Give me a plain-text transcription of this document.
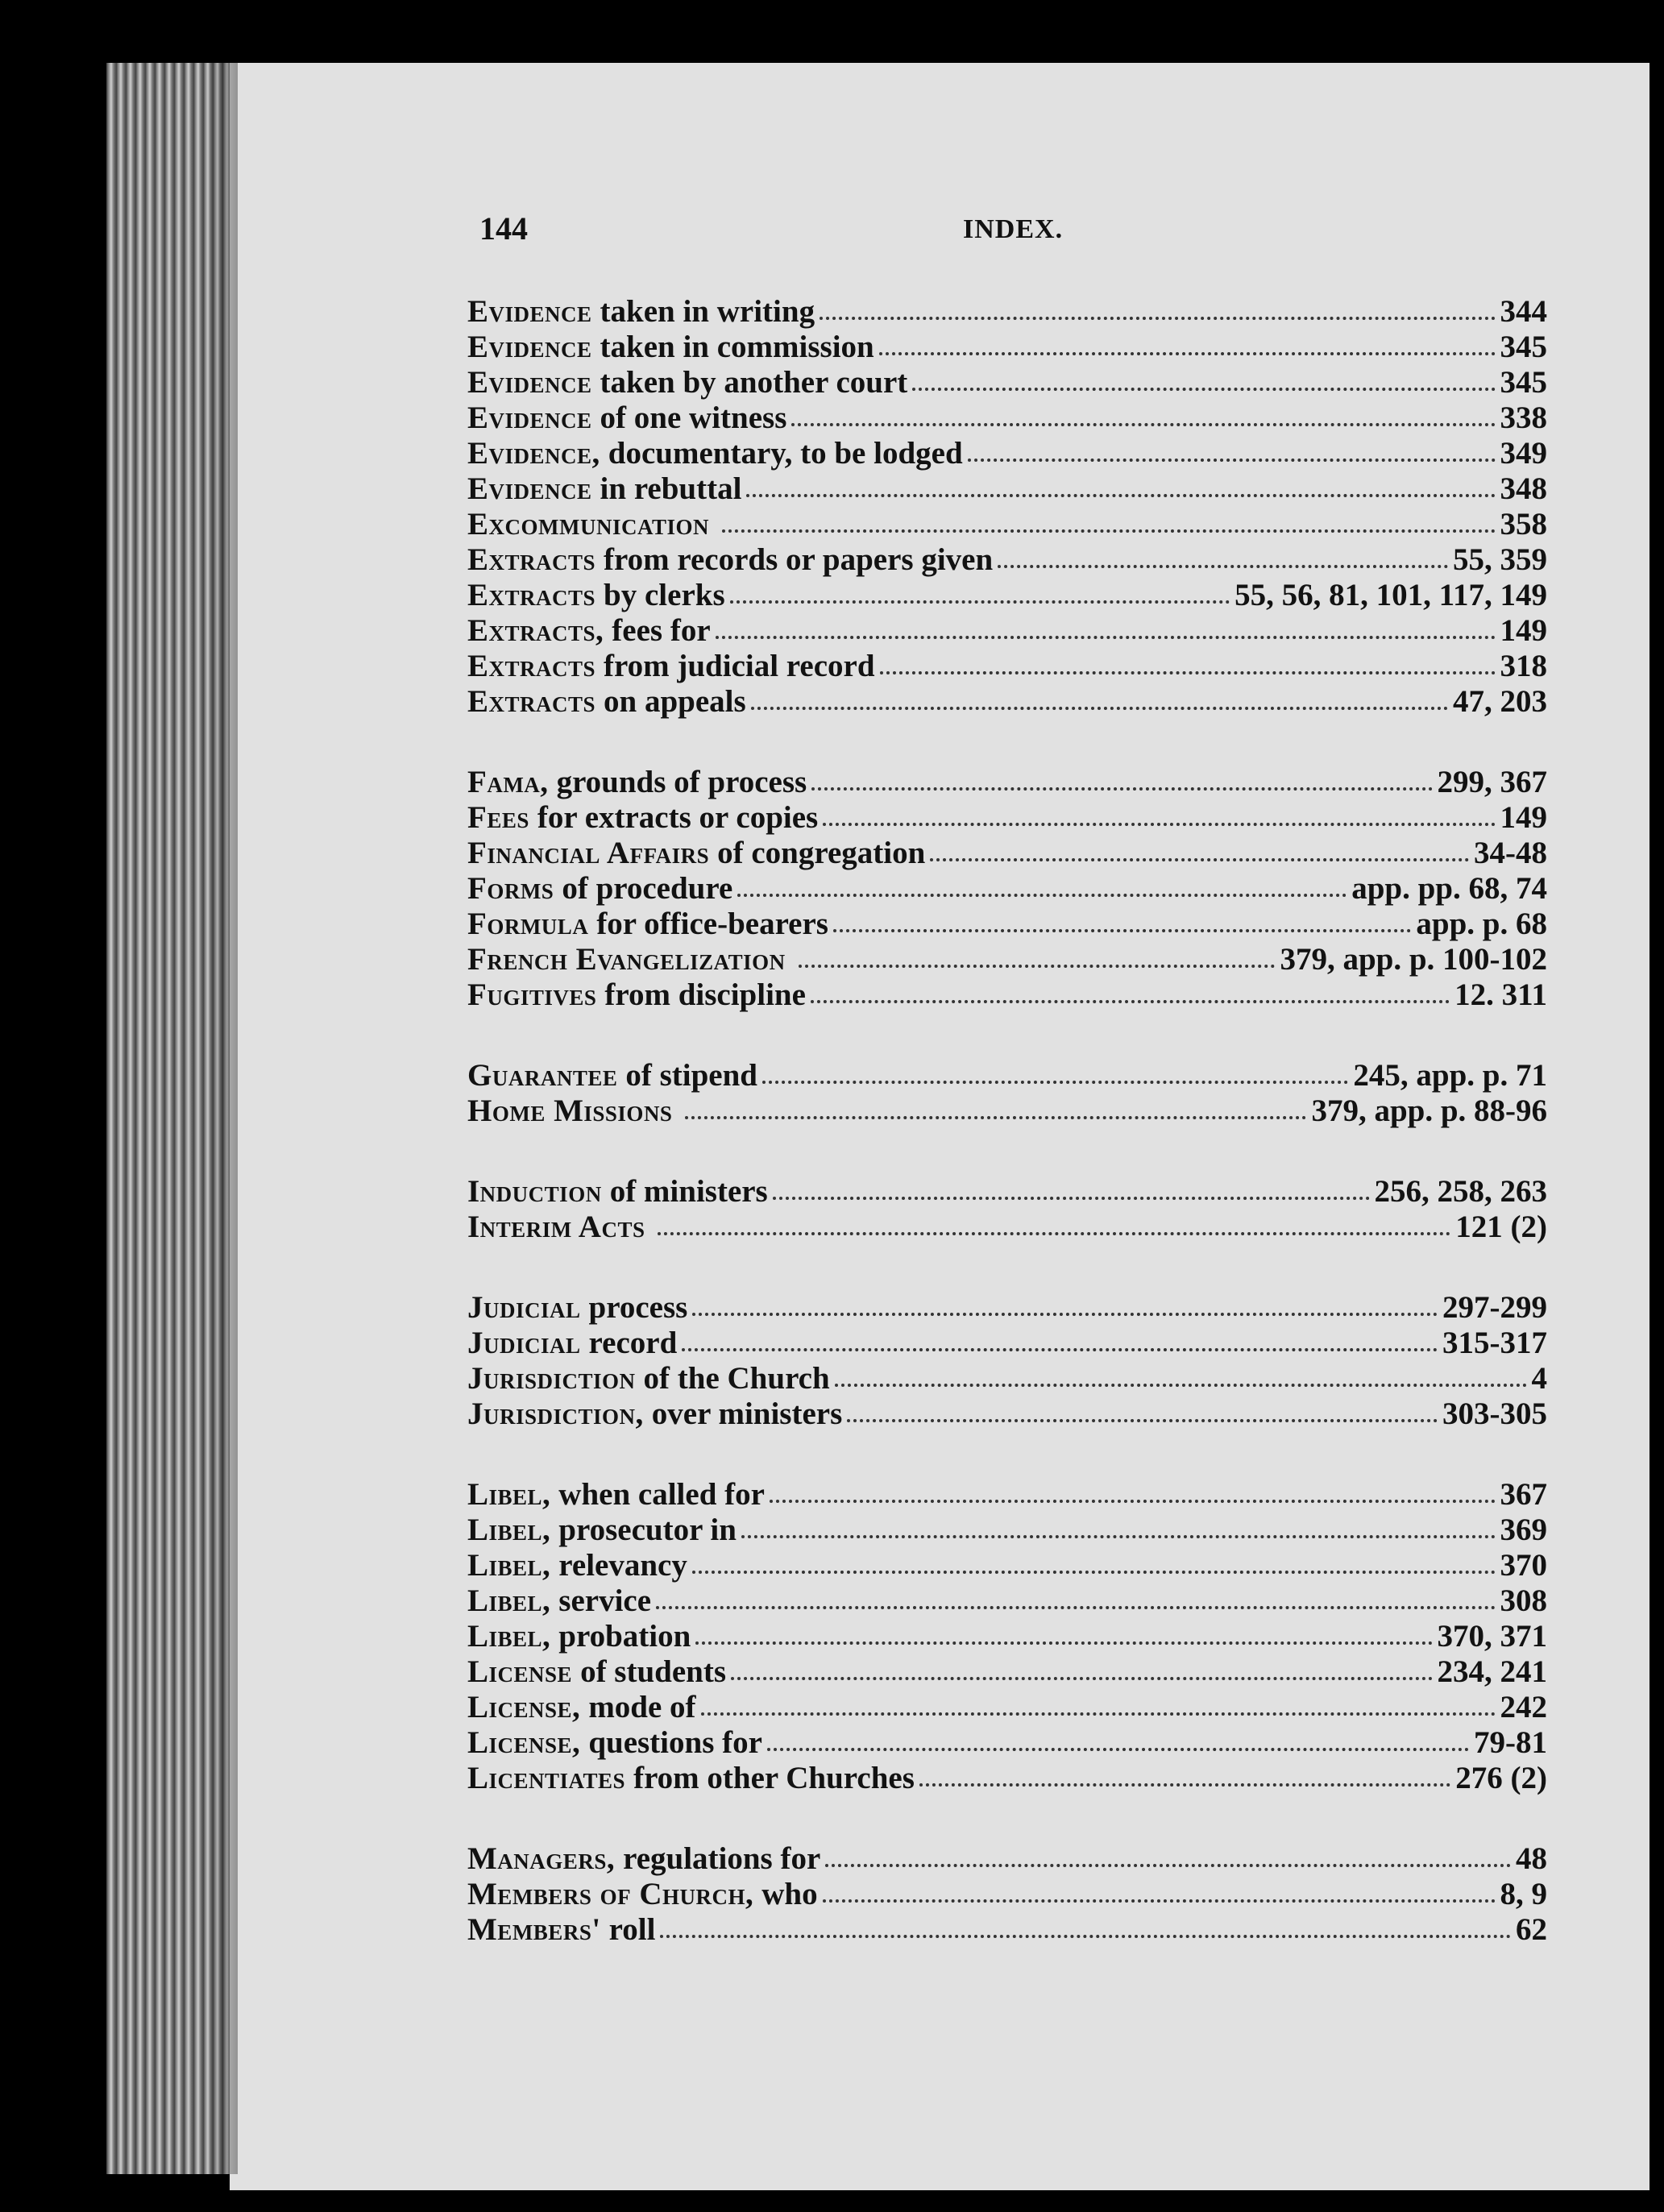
144	INDEX.
Evidence taken in writing	344
Evidence taken in commission	345
Evidence taken by another court	345
Evidence of one witness	338
Evidence, documentary, to be lodged	349
Evidence in rebuttal	348
Excommunication	358
Extracts from records or papers given	55, 359
Extracts by clerks	55, 56, 81, 101, 117, 149
Extracts, fees for	149
Extracts from judicial record	318
Extracts on appeals	47, 203
Fama, grounds of process	299, 367
Fees for extracts or copies	149
Financial Affairs of congregation	34-48
Forms of procedure	app. pp. 68, 74
Formula for office-bearers	app. p. 68
French Evangelization	379, app. p. 100-102
Fugitives from discipline	12. 311
Guarantee of stipend	245, app. p. 71
Home Missions	379, app. p. 88-96
Induction of ministers	256, 258, 263
Interim Acts	121 (2)
Judicial process	297-299
Judicial record	315-317
Jurisdiction of the Church	4
Jurisdiction, over ministers	303-305
Libel, when called for	367
Libel, prosecutor in	369
Libel, relevancy	370
Libel, service	308
Libel, probation	370, 371
License of students	234, 241
License, mode of	242
License, questions for	79-81
Licentiates from other Churches	276 (2)
Managers, regulations for	48
Members of Church, who	8, 9
Members' roll	62
